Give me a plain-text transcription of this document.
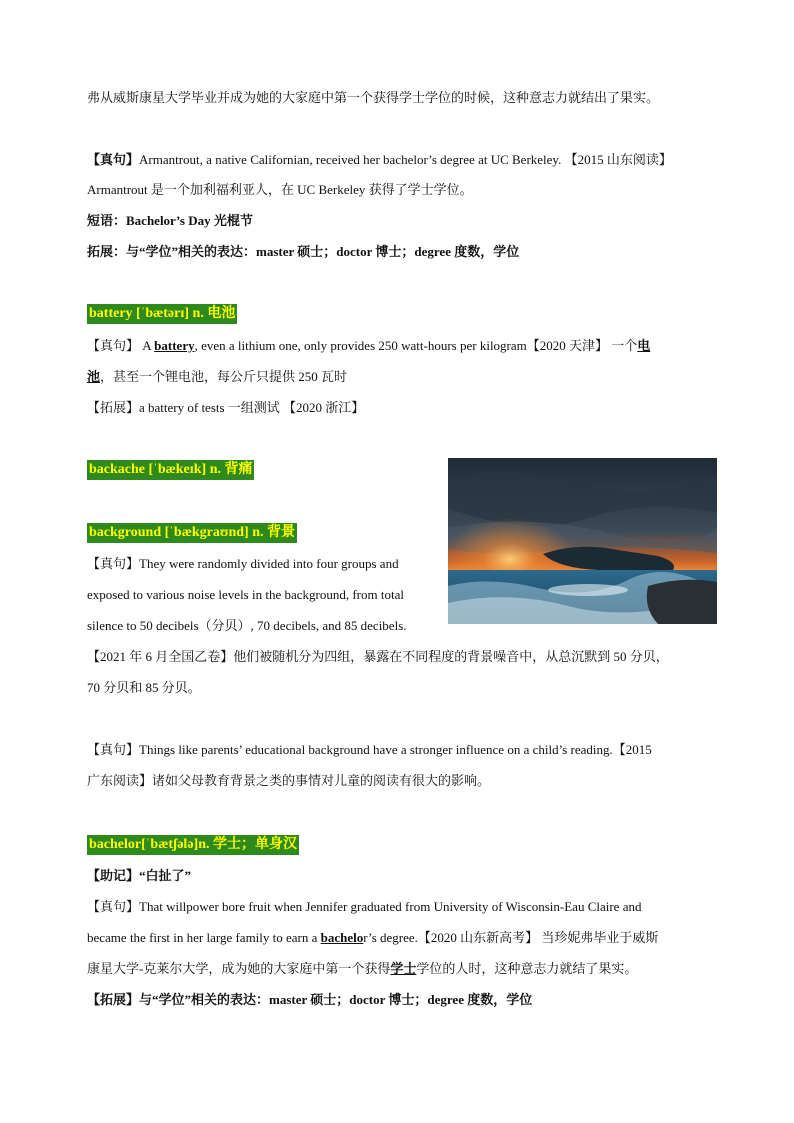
弗从威斯康星大学毕业并成为她的大家庭中第一个获得学士学位的时候，这种意志力就结出了果实。
【真句】Armantrout, a native Californian, received her bachelor’s degree at UC Berkeley. 【2015 山东阅读】
Armantrout 是一个加利福利亚人，在 UC Berkeley 获得了学士学位。
短语：Bachelor’s Day 光棍节
拓展：与“学位”相关的表达：master 硕士；doctor 博士；degree 度数，学位
battery [ˈbætərɪ] n. 电池
【真句】 A battery, even a lithium one, only provides 250 watt-hours per kilogram【2020 天津】 一个电
池，甚至一个锂电池，每公斤只提供 250 瓦时
【拓展】a battery of tests 一组测试 【2020 浙江】
backache [ˈbækeɪk] n. 背痛
background [ˈbækgraʊnd] n. 背景
【真句】They were randomly divided into four groups and
exposed to various noise levels in the background, from total
silence to 50 decibels（分贝）, 70 decibels, and 85 decibels.
【2021 年 6 月全国乙卷】他们被随机分为四组，暴露在不同程度的背景噪音中，从总沉默到 50 分贝，
70 分贝和 85 分贝。
【真句】Things like parents’ educational background have a stronger influence on a child’s reading.【2015
广东阅读】诸如父母教育背景之类的事情对儿童的阅读有很大的影响。
bachelor[ˈbætʃələ]n. 学士；单身汉
【助记】“白扯了”
【真句】That willpower bore fruit when Jennifer graduated from University of Wisconsin-Eau Claire and
became the first in her large family to earn a bachelor’s degree.【2020 山东新高考】 当珍妮弗毕业于威斯
康星大学-克莱尔大学，成为她的大家庭中第一个获得学士学位的人时，这种意志力就结了果实。
【拓展】与“学位”相关的表达：master 硕士；doctor 博士；degree 度数，学位
